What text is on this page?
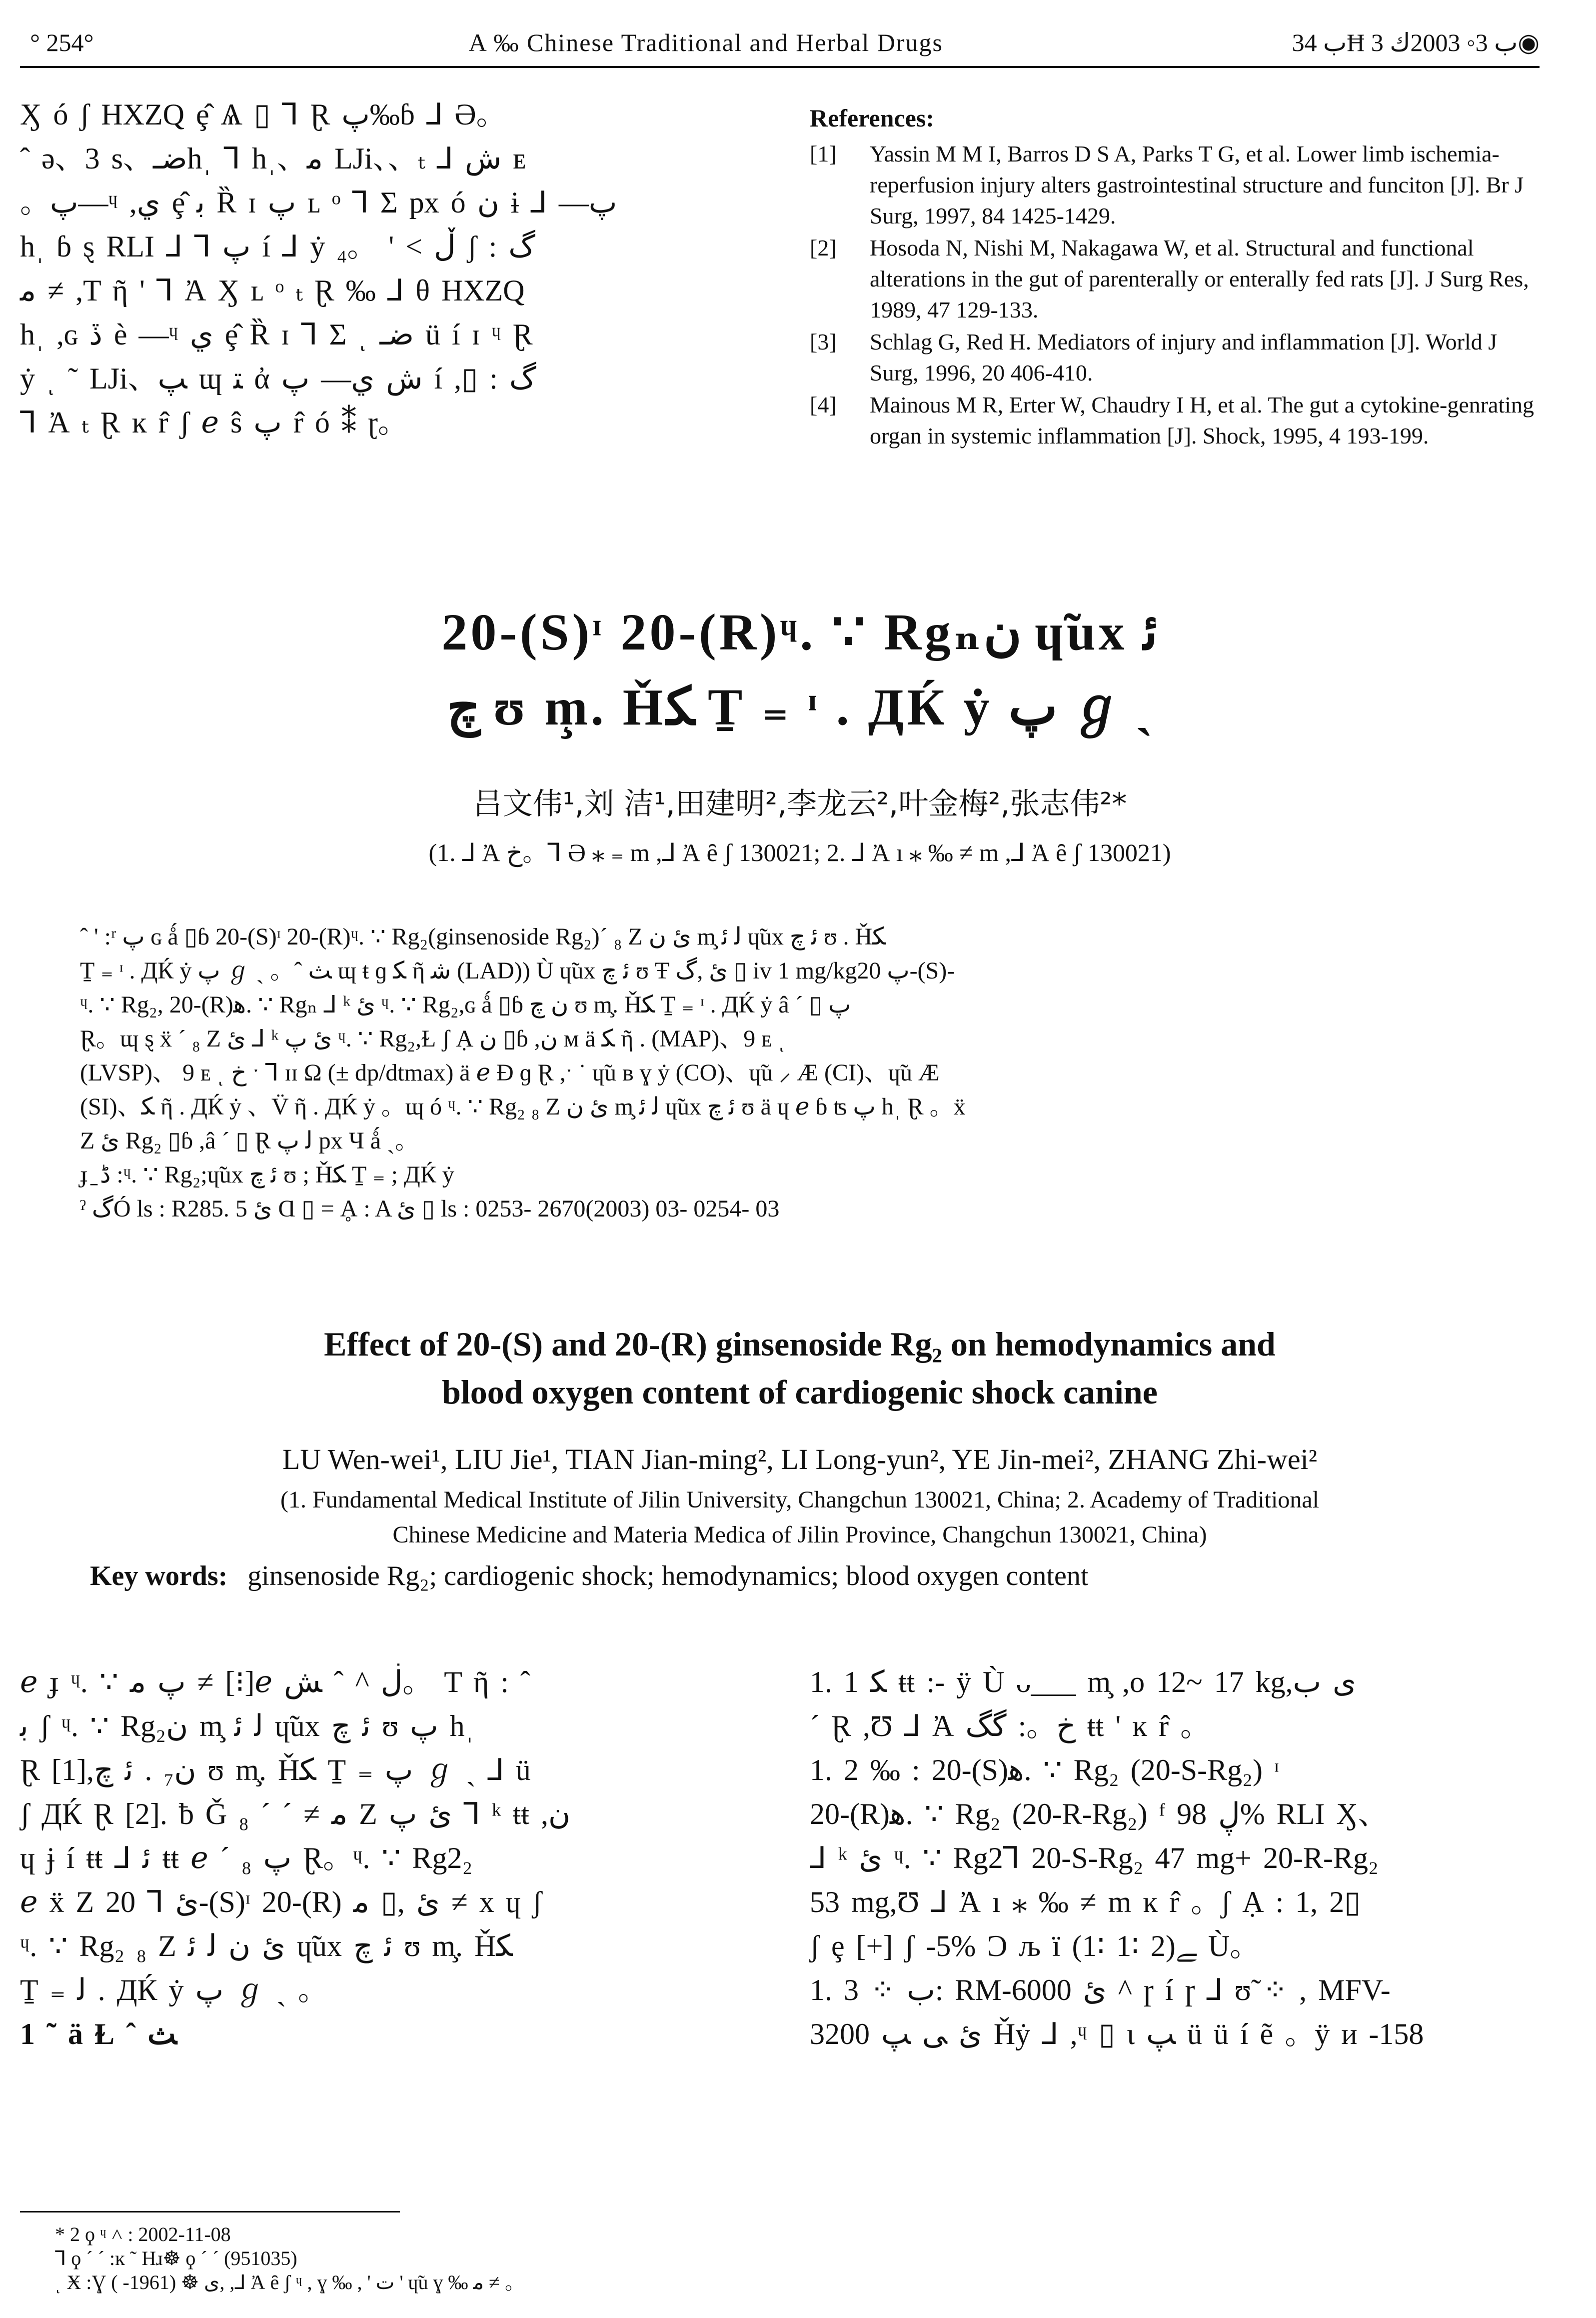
° 254°	A ‰ Chinese Traditional and Herbal Drugs	ب 34Ħ ب 3◦ 2003ك 3◉
Ӽ ó ʃ HXZQ ȩ̂ Ѧ ▯ ⅂ Ɽ پ‰ɓ ⅃ Ə。
ˆ ə、3 s、ضـhˌ ⅂ hˌ、ﻣ LJi、、ₜ ⅃ ش ᴇ
。پ—ᶣ ,ي ȩ̂ ﺑ Ȑ ɪ پ ʟ ᵒ ⅂ Σ px ó ن ɨ ⅃ —پ
hˌ ɓ ȿ RLI ⅃ ⅂ پ í ⅃ ẏ ڵ > ' 。₄ ʃ : گ
ﻣ ≠ ,T ῆ ' ⅂ Ἀ Ӽ ʟ ᵒ ₜ Ɽ ‰ ⅃ θ HXZQ
hˌ ,ɢ ڏ è —ᶣ ي ȩ̂ Ȑ ɪ ⅂ Σ ͺ ضـ ü í ɪ ᶣ Ɽ
ẏ ͺ ˜ LJi、ﭗ ɰ ﺘ ἀ ش ي— پ í ,▯ : گ
⅂ Ἀ ₜ Ɽ ĸ r̂ ʃ ℯ ŝ پ r̂ ó ⁑ ɽ。
References:
[1]	Yassin M M I, Barros D S A, Parks T G, et al. Lower limb ischemia-reperfusion injury alters gastrointestinal structure and funciton [J]. Br J Surg, 1997, 84 1425-1429.
[2]	Hosoda N, Nishi M, Nakagawa W, et al. Structural and functional alterations in the gut of parenterally or enterally fed rats [J]. J Surg Res, 1989, 47 129-133.
[3]	Schlag G, Red H. Mediators of injury and inflammation [J]. World J Surg, 1996, 20 406-410.
[4]	Mainous M R, Erter W, Chaudry I H, et al. The gut a cytokine-genrating organ in systemic inflammation [J]. Shock, 1995, 4 193-199.
20-(S)ᶦ 20-(R)ᶣ. ∵ Rgₙن ɥ̃ux ﺋ
ﭺ ʊ m̧. Ȟﮑ Ṯ ₌ ᶦ . ДЌ ẏ پ ℊ ˎ
吕文伟¹,刘 洁¹,田建明²,李龙云²,叶金梅²,张志伟²*
(1. ⅃ Ἀ خ。⅂ Ə ⁎ ₌ m ,⅃ Ἀ ȇ ʃ 130021; 2. ⅃ Ἀ ı ⁎ ‰ ≠ m ,⅃ Ἀ ȇ ʃ 130021)
ˆ ' :ʳ پ ɢ ǻ ▯ɓ 20-(S)ᶦ 20-(R)ᶣ. ∵ Rg₂(ginsenoside Rg₂)ˊ ₈ Z ئ ن m̧ ﻟ ﺋ ɥ̃ux ﺋ ﭺ ʊ . Ȟﮑ
Ṯ ₌ ᶦ . ДЌ ẏ پ ℊ ˎ 。ˆ ﺚ ɰ ŧ ɡ ﮑ ῆ ﺷ (LAD)) Ù ɥ̃ux ﺋ ﭺ ʊ Ŧ ئ ,گ ▯ iv 1 mg/kgپ 20-(S)-
ᶣ. ∵ Rg₂, 20-(R)ﻫ. ∵ Rgₙ ⅃ ᵏ ئ ᶣ. ∵ Rg₂,ɢ ǻ ▯ɓ ن ﭺ ʊ m̧. Ȟﮑ Ṯ ₌ ᶦ . ДЌ ẏ â ˊ ▯ پ
Ɽ。ɰ ȿ ẍ ˊ ₈ Z ئ ⅃ ᵏ ئ پ ᶣ. ∵ Rg₂,Ɫ ʃ Ạ ن ▯ɓ ,ن ᴍ ä ﮑ ῆ . (MAP)、9 ᴇ ͺ
(LVSP)、 9 ᴇ ͺ خ ˑ ⅂ ɪɪ Ω (± dp/dtmax) ä ℯ Ɖ ɡ Ɽ ,ˑ ˙ ɥ̃u ʙ ɣ ẏ (CO)、ɥ̃u ⸝ Æ (CI)、ɥ̃u Æ
(SI)、ﮑ ῆ . ДЌ ẏ 、V̈ ῆ . ДЌ ẏ 。ɰ ó ᶣ. ∵ Rg₂ ₈ Z ئ ن m̧ ﻟ ﺋ ɥ̃ux ﺋ ﭺ ʊ ä ɥ ℯ ɓ ʦ پ hˌ Ɽ 。ẍ
Z ئ Rg₂ ▯ɓ ,â ˊ ▯ Ɽ ﻟ پ px Ч ǻ ˎ。
ɟ ̱ ڈ :ᶣ. ∵ Rg₂;ɥ̃ux ﺋ ﭺ ʊ ; Ȟﮑ Ṯ ₌ ; ДЌ ẏ
ˀ گÓ ls : R285. 5 ئ Ɑ ▯ = Ḁ : A ئ ▯ ls : 0253- 2670(2003) 03- 0254- 03
Effect of 20-(S) and 20-(R) ginsenoside Rg₂ on hemodynamics and
blood oxygen content of cardiogenic shock canine
LU Wen-wei¹, LIU Jie¹, TIAN Jian-ming², LI Long-yun², YE Jin-mei², ZHANG Zhi-wei²
(1. Fundamental Medical Institute of Jilin University, Changchun 130021, China; 2. Academy of Traditional
Chinese Medicine and Materia Medica of Jilin Province, Changchun 130021, China)
Key words: ginsenoside Rg₂; cardiogenic shock; hemodynamics; blood oxygen content
ℯ ɟ ᶣ. ∵ پ ﻣ ≠ [⁝]ℯ ڶ ^ ˆ ﺶ。 T ῆ : ˆ
ﺑ ʃ ᶣ. ∵ Rg₂ن m̧ ﻟ ﺋ ɥ̃ux ﺋ ﭺ ʊ پ hˌ
Ɽ [1],ن₇ . ﺋ ﭺ ʊ m̧. Ȟﮑ Ṯ ₌ پ ℊ ˎ ⅃ ü
ʃ ДЌ Ɽ [2]. ƀ Ǧ ﻣ ≠ ˊ ˊ ₈ Z ئ پ ⅂ ᵏ ŧŧ ,ن
ɥ ɉ í ŧŧ ⅃ ﺋ ŧŧ ℯ ˊ ₈ پ Ɽ。ᶣ. ∵ Rg2₂
ℯ ẍ Z ئ ⅂ 20-(S)ᶦ 20-(R) ئ ,▯ ﻣ ≠ x ɥ ʃ
ᶣ. ∵ Rg₂ ₈ Z ئ ن ﻟ ﺋ ɥ̃ux ﺋ ﭺ ʊ m̧. Ȟﮑ
Ṯ ₌ ﻟ . ДЌ ẏ پ ℊ ˎ 。
1 ˜ ä Ɫ ˆ ﺚ
1. 1 ﮑ ŧŧ :- ÿ Ù ᴗ___ m̧ ,o 12~ 17 kg,ﻯ ب
ˊ Ɽ ,Ʊ ⅃ Ἀ خ。: گگ ŧŧ ' ĸ r̂ 。
1. 2 ‰ : 20-(S)ﻫ. ∵ Rg₂ (20-S-Rg₂) ᶦ
20-(R)ﻫ. ∵ Rg₂ (20-R-Rg₂) ᶠ ڸ 98% RLI Ӽ、
⅃ ᵏ ئ ᶣ. ∵ Rg2⅂ 20-S-Rg₂ 47 mg+ 20-R-Rg₂
53 mg,Ʊ ⅃ Ἀ ı ⁎ ‰ ≠ m ĸ r̂ 。ʃ Ạ : 1, 2▯
ʃ ȩ [+] ʃ -5% Ͻ љ ï (1∶ 1∶ 2)ﮯ Ù。
1. 3 ⁘ ب: RM-6000 ئ ^ ɼ í ɼ ⅃ ʊ̃ ⁘ , MFV-
3200 ئ ﻰ ﭗ Ȟẏ ⅃ ,ᶣ ▯ ɩ ﭗ ü ü í ẽ 。ÿ и -158
* 2 ϙ ᶣ ˄ : 2002-11-08
⅂ ϙ ˊ ˊ :ĸ ˜ Hɹ☸ ϙ ˊ ˊ (951035)
ͺ Ӿ :Ɣ ﻯ ☸ (1961- ), ,⅃ Ἀ ȇ ʃ ᶣ , ɣ ‰ , ' ﺕ ' ɥ̃u ɣ ‰ ﻣ ≠ 。
